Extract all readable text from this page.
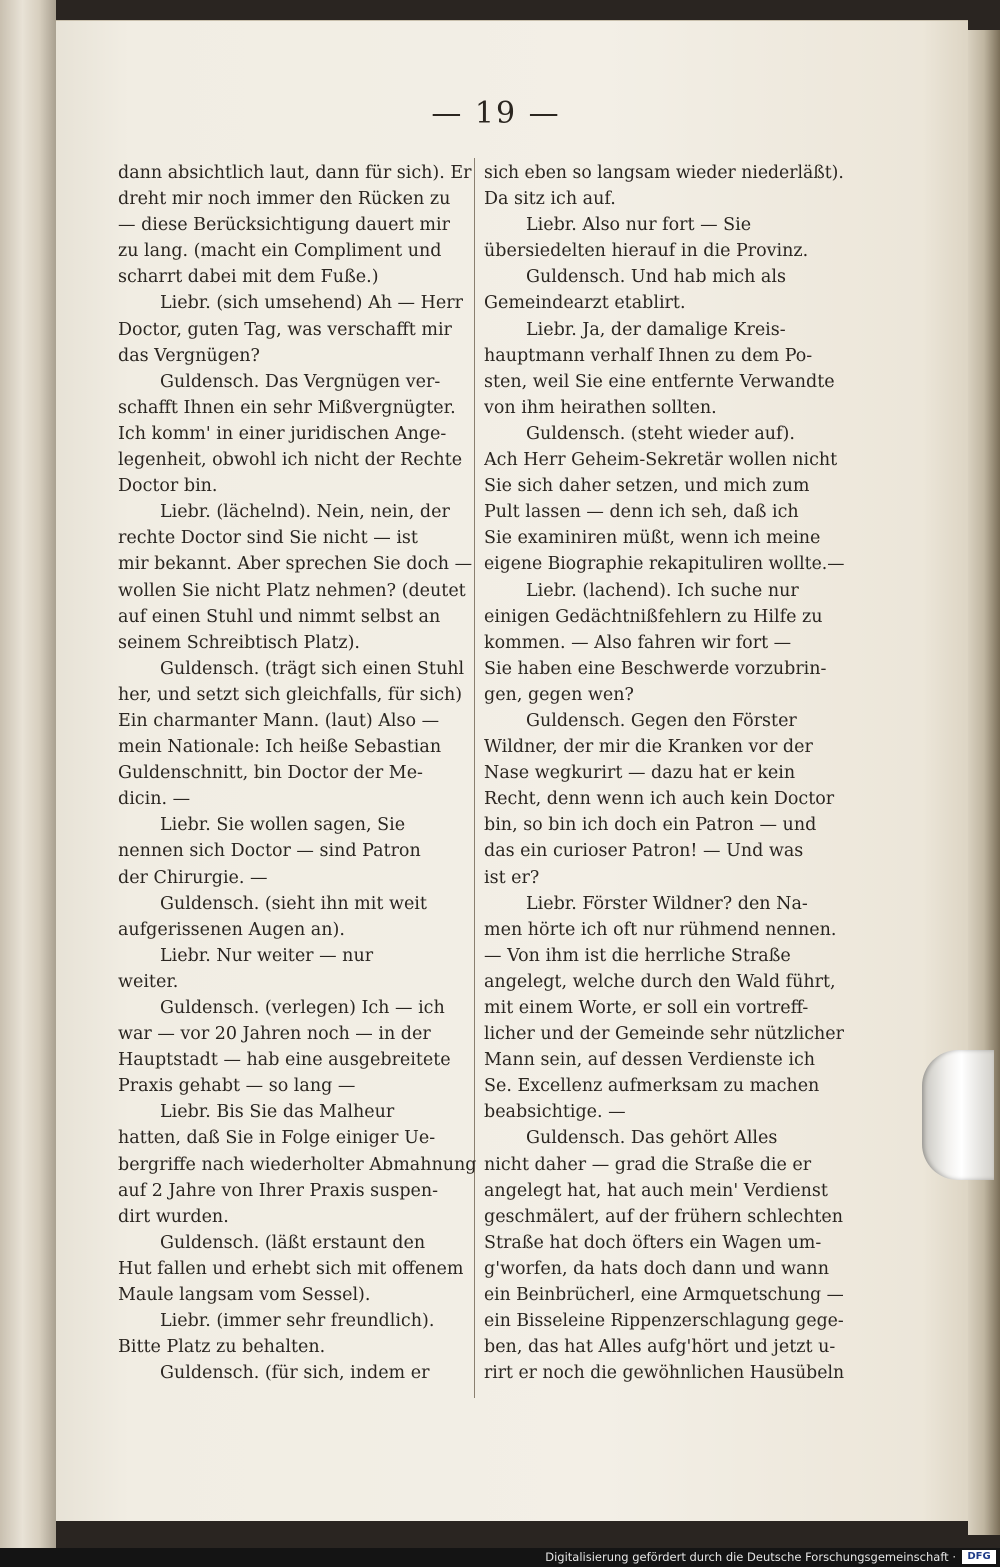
— 19 —
dann absichtlich laut, dann für sich). Er
dreht mir noch immer den Rücken zu
— diese Berücksichtigung dauert mir
zu lang. (macht ein Compliment und
scharrt dabei mit dem Fuße.)
Liebr. (sich umsehend) Ah — Herr
Doctor, guten Tag, was verschafft mir
das Vergnügen?
Guldensch. Das Vergnügen ver-
schafft Ihnen ein sehr Mißvergnügter.
Ich komm' in einer juridischen Ange-
legenheit, obwohl ich nicht der Rechte
Doctor bin.
Liebr. (lächelnd). Nein, nein, der
rechte Doctor sind Sie nicht — ist
mir bekannt. Aber sprechen Sie doch —
wollen Sie nicht Platz nehmen? (deutet
auf einen Stuhl und nimmt selbst an
seinem Schreibtisch Platz).
Guldensch. (trägt sich einen Stuhl
her, und setzt sich gleichfalls, für sich)
Ein charmanter Mann. (laut) Also —
mein Nationale: Ich heiße Sebastian
Guldenschnitt, bin Doctor der Me-
dicin. —
Liebr. Sie wollen sagen, Sie
nennen sich Doctor — sind Patron
der Chirurgie. —
Guldensch. (sieht ihn mit weit
aufgerissenen Augen an).
Liebr. Nur weiter — nur
weiter.
Guldensch. (verlegen) Ich — ich
war — vor 20 Jahren noch — in der
Hauptstadt — hab eine ausgebreitete
Praxis gehabt — so lang —
Liebr. Bis Sie das Malheur
hatten, daß Sie in Folge einiger Ue-
bergriffe nach wiederholter Abmahnung
auf 2 Jahre von Ihrer Praxis suspen-
dirt wurden.
Guldensch. (läßt erstaunt den
Hut fallen und erhebt sich mit offenem
Maule langsam vom Sessel).
Liebr. (immer sehr freundlich).
Bitte Platz zu behalten.
Guldensch. (für sich, indem er
sich eben so langsam wieder niederläßt).
Da sitz ich auf.
Liebr. Also nur fort — Sie
übersiedelten hierauf in die Provinz.
Guldensch. Und hab mich als
Gemeindearzt etablirt.
Liebr. Ja, der damalige Kreis-
hauptmann verhalf Ihnen zu dem Po-
sten, weil Sie eine entfernte Verwandte
von ihm heirathen sollten.
Guldensch. (steht wieder auf).
Ach Herr Geheim-Sekretär wollen nicht
Sie sich daher setzen, und mich zum
Pult lassen — denn ich seh, daß ich
Sie examiniren müßt, wenn ich meine
eigene Biographie rekapituliren wollte.—
Liebr. (lachend). Ich suche nur
einigen Gedächtnißfehlern zu Hilfe zu
kommen. — Also fahren wir fort —
Sie haben eine Beschwerde vorzubrin-
gen, gegen wen?
Guldensch. Gegen den Förster
Wildner, der mir die Kranken vor der
Nase wegkurirt — dazu hat er kein
Recht, denn wenn ich auch kein Doctor
bin, so bin ich doch ein Patron — und
das ein curioser Patron! — Und was
ist er?
Liebr. Förster Wildner? den Na-
men hörte ich oft nur rühmend nennen.
— Von ihm ist die herrliche Straße
angelegt, welche durch den Wald führt,
mit einem Worte, er soll ein vortreff-
licher und der Gemeinde sehr nützlicher
Mann sein, auf dessen Verdienste ich
Se. Excellenz aufmerksam zu machen
beabsichtige. —
Guldensch. Das gehört Alles
nicht daher — grad die Straße die er
angelegt hat, hat auch mein' Verdienst
geschmälert, auf der frühern schlechten
Straße hat doch öfters ein Wagen um-
g'worfen, da hats doch dann und wann
ein Beinbrücherl, eine Armquetschung —
ein Bisseleine Rippenzerschlagung gege-
ben, das hat Alles aufg'hört und jetzt u-
rirt er noch die gewöhnlichen Hausübeln
Digitalisierung gefördert durch die Deutsche Forschungsgemeinschaft ·	DFG
